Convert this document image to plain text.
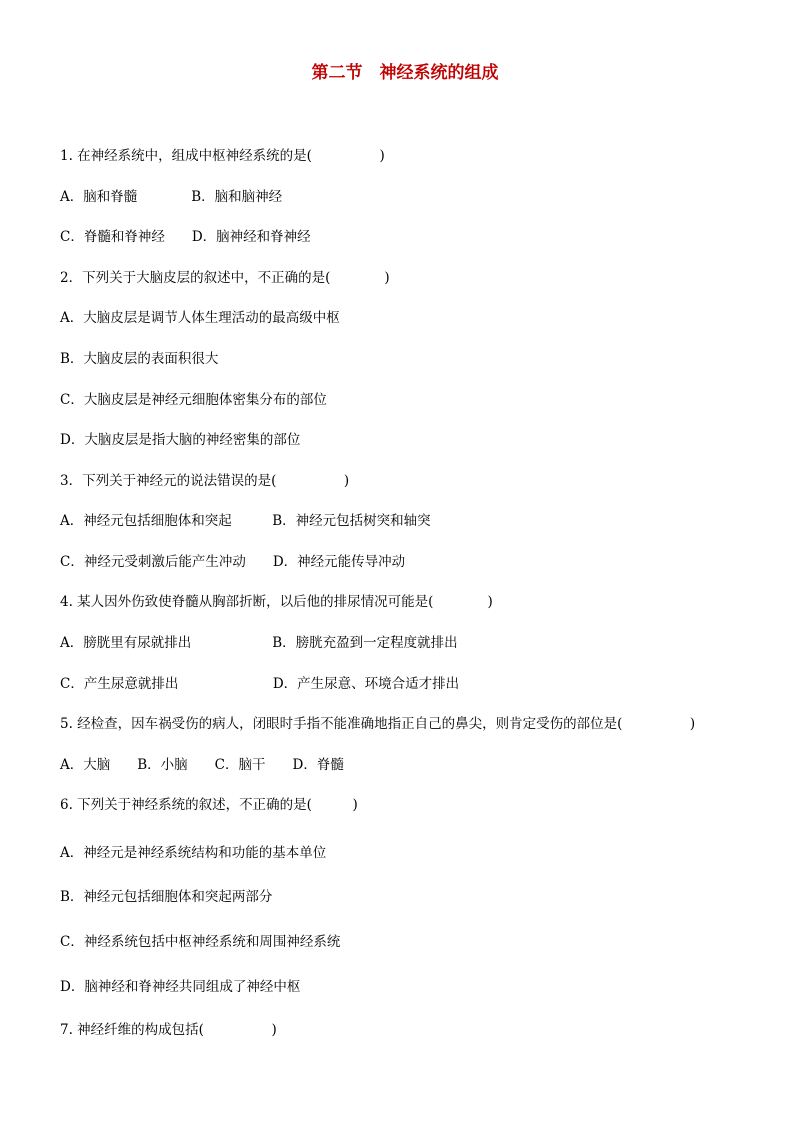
第二节　神经系统的组成
1. 在神经系统中，组成中枢神经系统的是(　　　　　)
A．脑和脊髓　　　　B．脑和脑神经
C．脊髓和脊神经　　D．脑神经和脊神经
2．下列关于大脑皮层的叙述中，不正确的是(　　　　)
A．大脑皮层是调节人体生理活动的最高级中枢
B．大脑皮层的表面积很大
C．大脑皮层是神经元细胞体密集分布的部位
D．大脑皮层是指大脑的神经密集的部位
3．下列关于神经元的说法错误的是(　　　　　)
A．神经元包括细胞体和突起　　　B．神经元包括树突和轴突
C．神经元受刺激后能产生冲动　　D．神经元能传导冲动
4. 某人因外伤致使脊髓从胸部折断，以后他的排尿情况可能是(　　　　)
A．膀胱里有尿就排出　　　　　　B．膀胱充盈到一定程度就排出
C．产生尿意就排出　　　　　　　D．产生尿意、环境合适才排出
5. 经检查，因车祸受伤的病人，闭眼时手指不能准确地指正自己的鼻尖，则肯定受伤的部位是(　　　　　)
A．大脑　　B．小脑　　C．脑干　　D．脊髓
6. 下列关于神经系统的叙述，不正确的是(　　　)
A．神经元是神经系统结构和功能的基本单位
B．神经元包括细胞体和突起两部分
C．神经系统包括中枢神经系统和周围神经系统
D．脑神经和脊神经共同组成了神经中枢
7. 神经纤维的构成包括(　　　　　)
